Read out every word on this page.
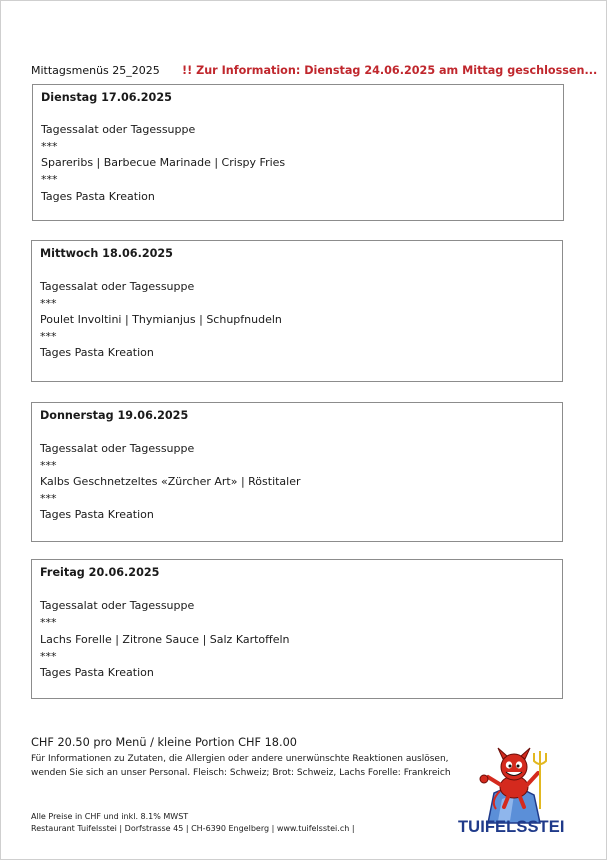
Mittagsmenüs 25_2025 !! Zur Information: Dienstag 24.06.2025 am Mittag geschlossen...
Dienstag 17.06.2025
Tagessalat oder Tagessuppe
***
Spareribs | Barbecue Marinade | Crispy Fries
***
Tages Pasta Kreation
Mittwoch 18.06.2025
Tagessalat oder Tagessuppe
***
Poulet Involtini | Thymianjus | Schupfnudeln
***
Tages Pasta Kreation
Donnerstag 19.06.2025
Tagessalat oder Tagessuppe
***
Kalbs Geschnetzeltes «Zürcher Art» | Röstitaler
***
Tages Pasta Kreation
Freitag 20.06.2025
Tagessalat oder Tagessuppe
***
Lachs Forelle | Zitrone Sauce | Salz Kartoffeln
***
Tages Pasta Kreation
CHF 20.50 pro Menü / kleine Portion CHF 18.00
Für Informationen zu Zutaten, die Allergien oder andere unerwünschte Reaktionen auslösen,
wenden Sie sich an unser Personal. Fleisch: Schweiz; Brot: Schweiz, Lachs Forelle: Frankreich
Alle Preise in CHF und inkl. 8.1% MWST
Restaurant Tuifelsstei | Dorfstrasse 45 | CH-6390 Engelberg | www.tuifelsstei.ch |	TUIFELSSTEI
